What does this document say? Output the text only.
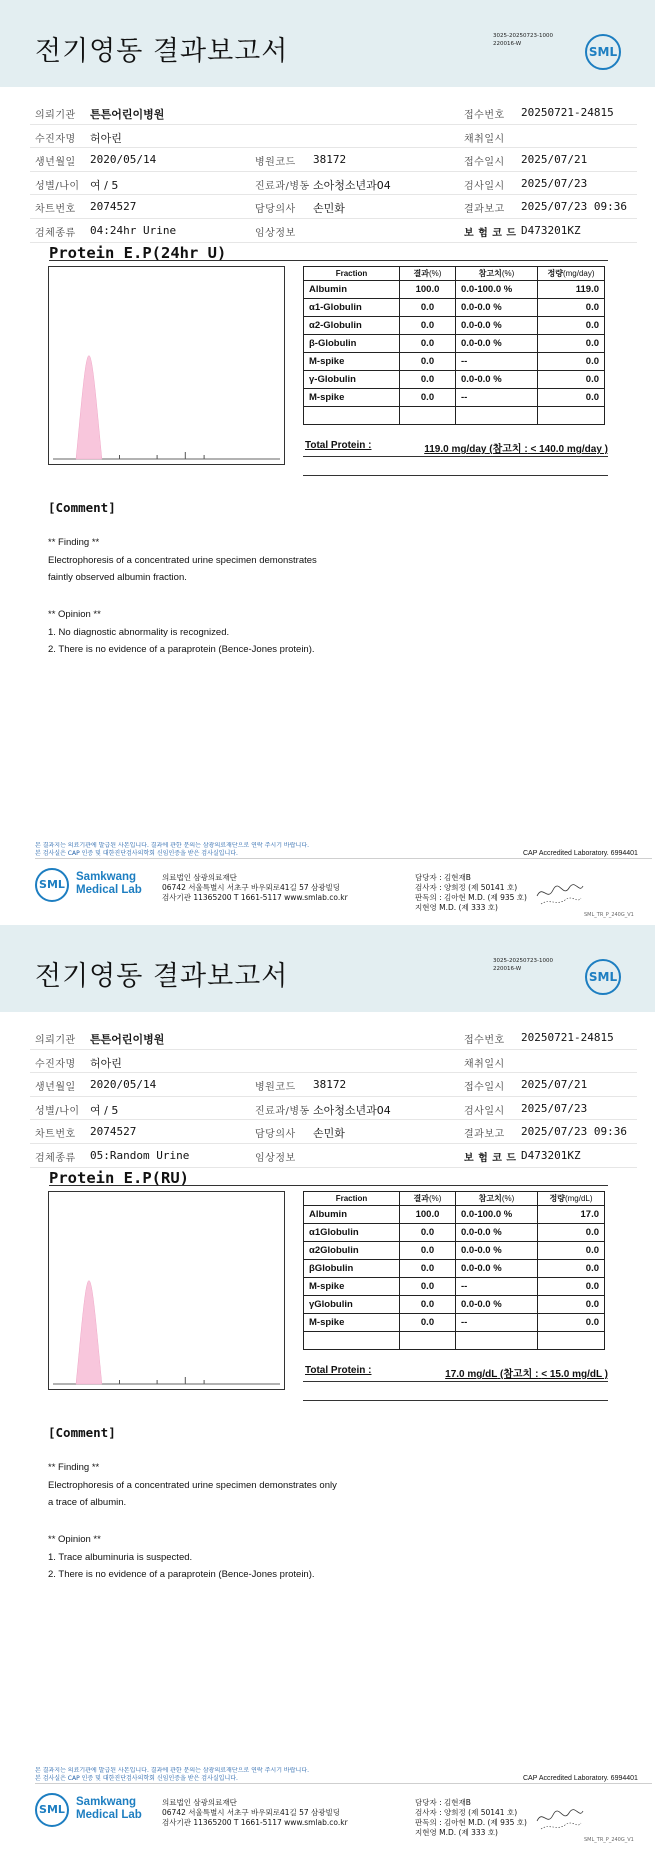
전기영동 결과보고서	3025-20250723-1000
220016-W
SML
의뢰기관 튼튼어린이병원	접수번호 20250721-24815
수진자명 허아린	채취일시
생년월일 2020/05/14	병원코드 38172	접수일시 2025/07/21
성별/나이 여 / 5	진료과/병동 소아청소년과04	검사일시 2025/07/23
차트번호 2074527	담당의사 손민화	결과보고 2025/07/23 09:36
검체종류 04:24hr Urine	임상정보	보 험 코 드 D473201KZ
Protein E.P(24hr U)
Fraction	결과(%)	참고치(%)	정량(mg/day)
Albumin	100.0	0.0-100.0 %	119.0
α1-Globulin	0.0	0.0-0.0 %	0.0
α2-Globulin	0.0	0.0-0.0 %	0.0
β-Globulin	0.0	0.0-0.0 %	0.0
M-spike	0.0	--	0.0
γ-Globulin	0.0	0.0-0.0 %	0.0
M-spike	0.0	--	0.0

Total Protein :	119.0 mg/day (참고치 : < 140.0 mg/day )
[Comment]
** Finding **
Electrophoresis of a concentrated urine specimen demonstrates
faintly observed albumin fraction.
** Opinion **
1. No diagnostic abnormality is recognized.
2. There is no evidence of a paraprotein (Bence-Jones protein).
본 결과지는 의료기관에 발급된 사본입니다. 결과에 관한 문의는 삼광의료재단으로 연락 주시기 바랍니다.
본 검사실은 CAP 인증 및 대한진단검사의학회 신임인증을 받은 검사실입니다.	CAP Accredited Laboratory. 6994401
SML
Samkwang
Medical Lab
의료법인 삼광의료재단
06742 서울특별시 서초구 바우뫼로41길 57 삼광빌딩
검사기관 11365200 T 1661-5117 www.smlab.co.kr
담당자 : 김현재B
검사자 : 양희정 (제 50141 호)
판독의 : 김아현 M.D. (제 935 호)
지현영 M.D. (제 333 호)
SML_TR_P_240G_V1
전기영동 결과보고서	3025-20250723-1000
220016-W
SML
의뢰기관 튼튼어린이병원	접수번호 20250721-24815
수진자명 허아린	채취일시
생년월일 2020/05/14	병원코드 38172	접수일시 2025/07/21
성별/나이 여 / 5	진료과/병동 소아청소년과04	검사일시 2025/07/23
차트번호 2074527	담당의사 손민화	결과보고 2025/07/23 09:36
검체종류 05:Random Urine	임상정보	보 험 코 드 D473201KZ
Protein E.P(RU)
Fraction	결과(%)	참고치(%)	정량(mg/dL)
Albumin	100.0	0.0-100.0 %	17.0
α1Globulin	0.0	0.0-0.0 %	0.0
α2Globulin	0.0	0.0-0.0 %	0.0
βGlobulin	0.0	0.0-0.0 %	0.0
M-spike	0.0	--	0.0
γGlobulin	0.0	0.0-0.0 %	0.0
M-spike	0.0	--	0.0

Total Protein :	17.0 mg/dL (참고치 : < 15.0 mg/dL )
[Comment]
** Finding **
Electrophoresis of a concentrated urine specimen demonstrates only
a trace of albumin.
** Opinion **
1. Trace albuminuria is suspected.
2. There is no evidence of a paraprotein (Bence-Jones protein).
본 결과지는 의료기관에 발급된 사본입니다. 결과에 관한 문의는 삼광의료재단으로 연락 주시기 바랍니다.
본 검사실은 CAP 인증 및 대한진단검사의학회 신임인증을 받은 검사실입니다.	CAP Accredited Laboratory. 6994401
SML
Samkwang
Medical Lab
의료법인 삼광의료재단
06742 서울특별시 서초구 바우뫼로41길 57 삼광빌딩
검사기관 11365200 T 1661-5117 www.smlab.co.kr
담당자 : 김현재B
검사자 : 양희정 (제 50141 호)
판독의 : 김아현 M.D. (제 935 호)
지현영 M.D. (제 333 호)
SML_TR_P_240G_V1
